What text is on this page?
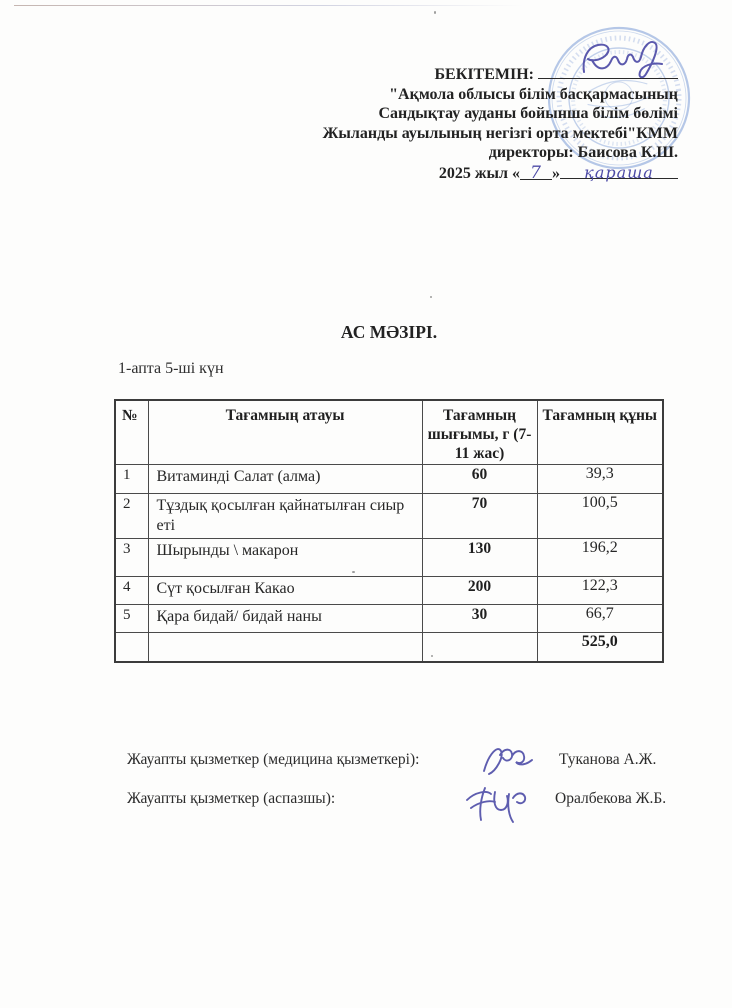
БЕКІТЕМІН:
"Ақмола облысы білім басқармасының
Сандықтау ауданы бойынша білім бөлімі
Жыланды ауылының негізгі орта мектебі"КММ
директоры: Баисова К.Ш.
2025 жыл « 7 » қараша
АС МӘЗІРІ.
1-апта 5-ші күн
№	Тағамның атауы	Тағамның шығымы, г (7-11 жас)	Тағамның құны
1	Витаминді Салат (алма)	60	39,3
2	Тұздық қосылған қайнатылған сиыр еті	70	100,5
3	Шырынды \ макарон	130	196,2
4	Сүт қосылған Какао	200	122,3
5	Қара бидай/ бидай наны	30	66,7
			525,0
Жауапты қызметкер (медицина қызметкері):	Туканова А.Ж.
Жауапты қызметкер (аспазшы):	Оралбекова Ж.Б.
